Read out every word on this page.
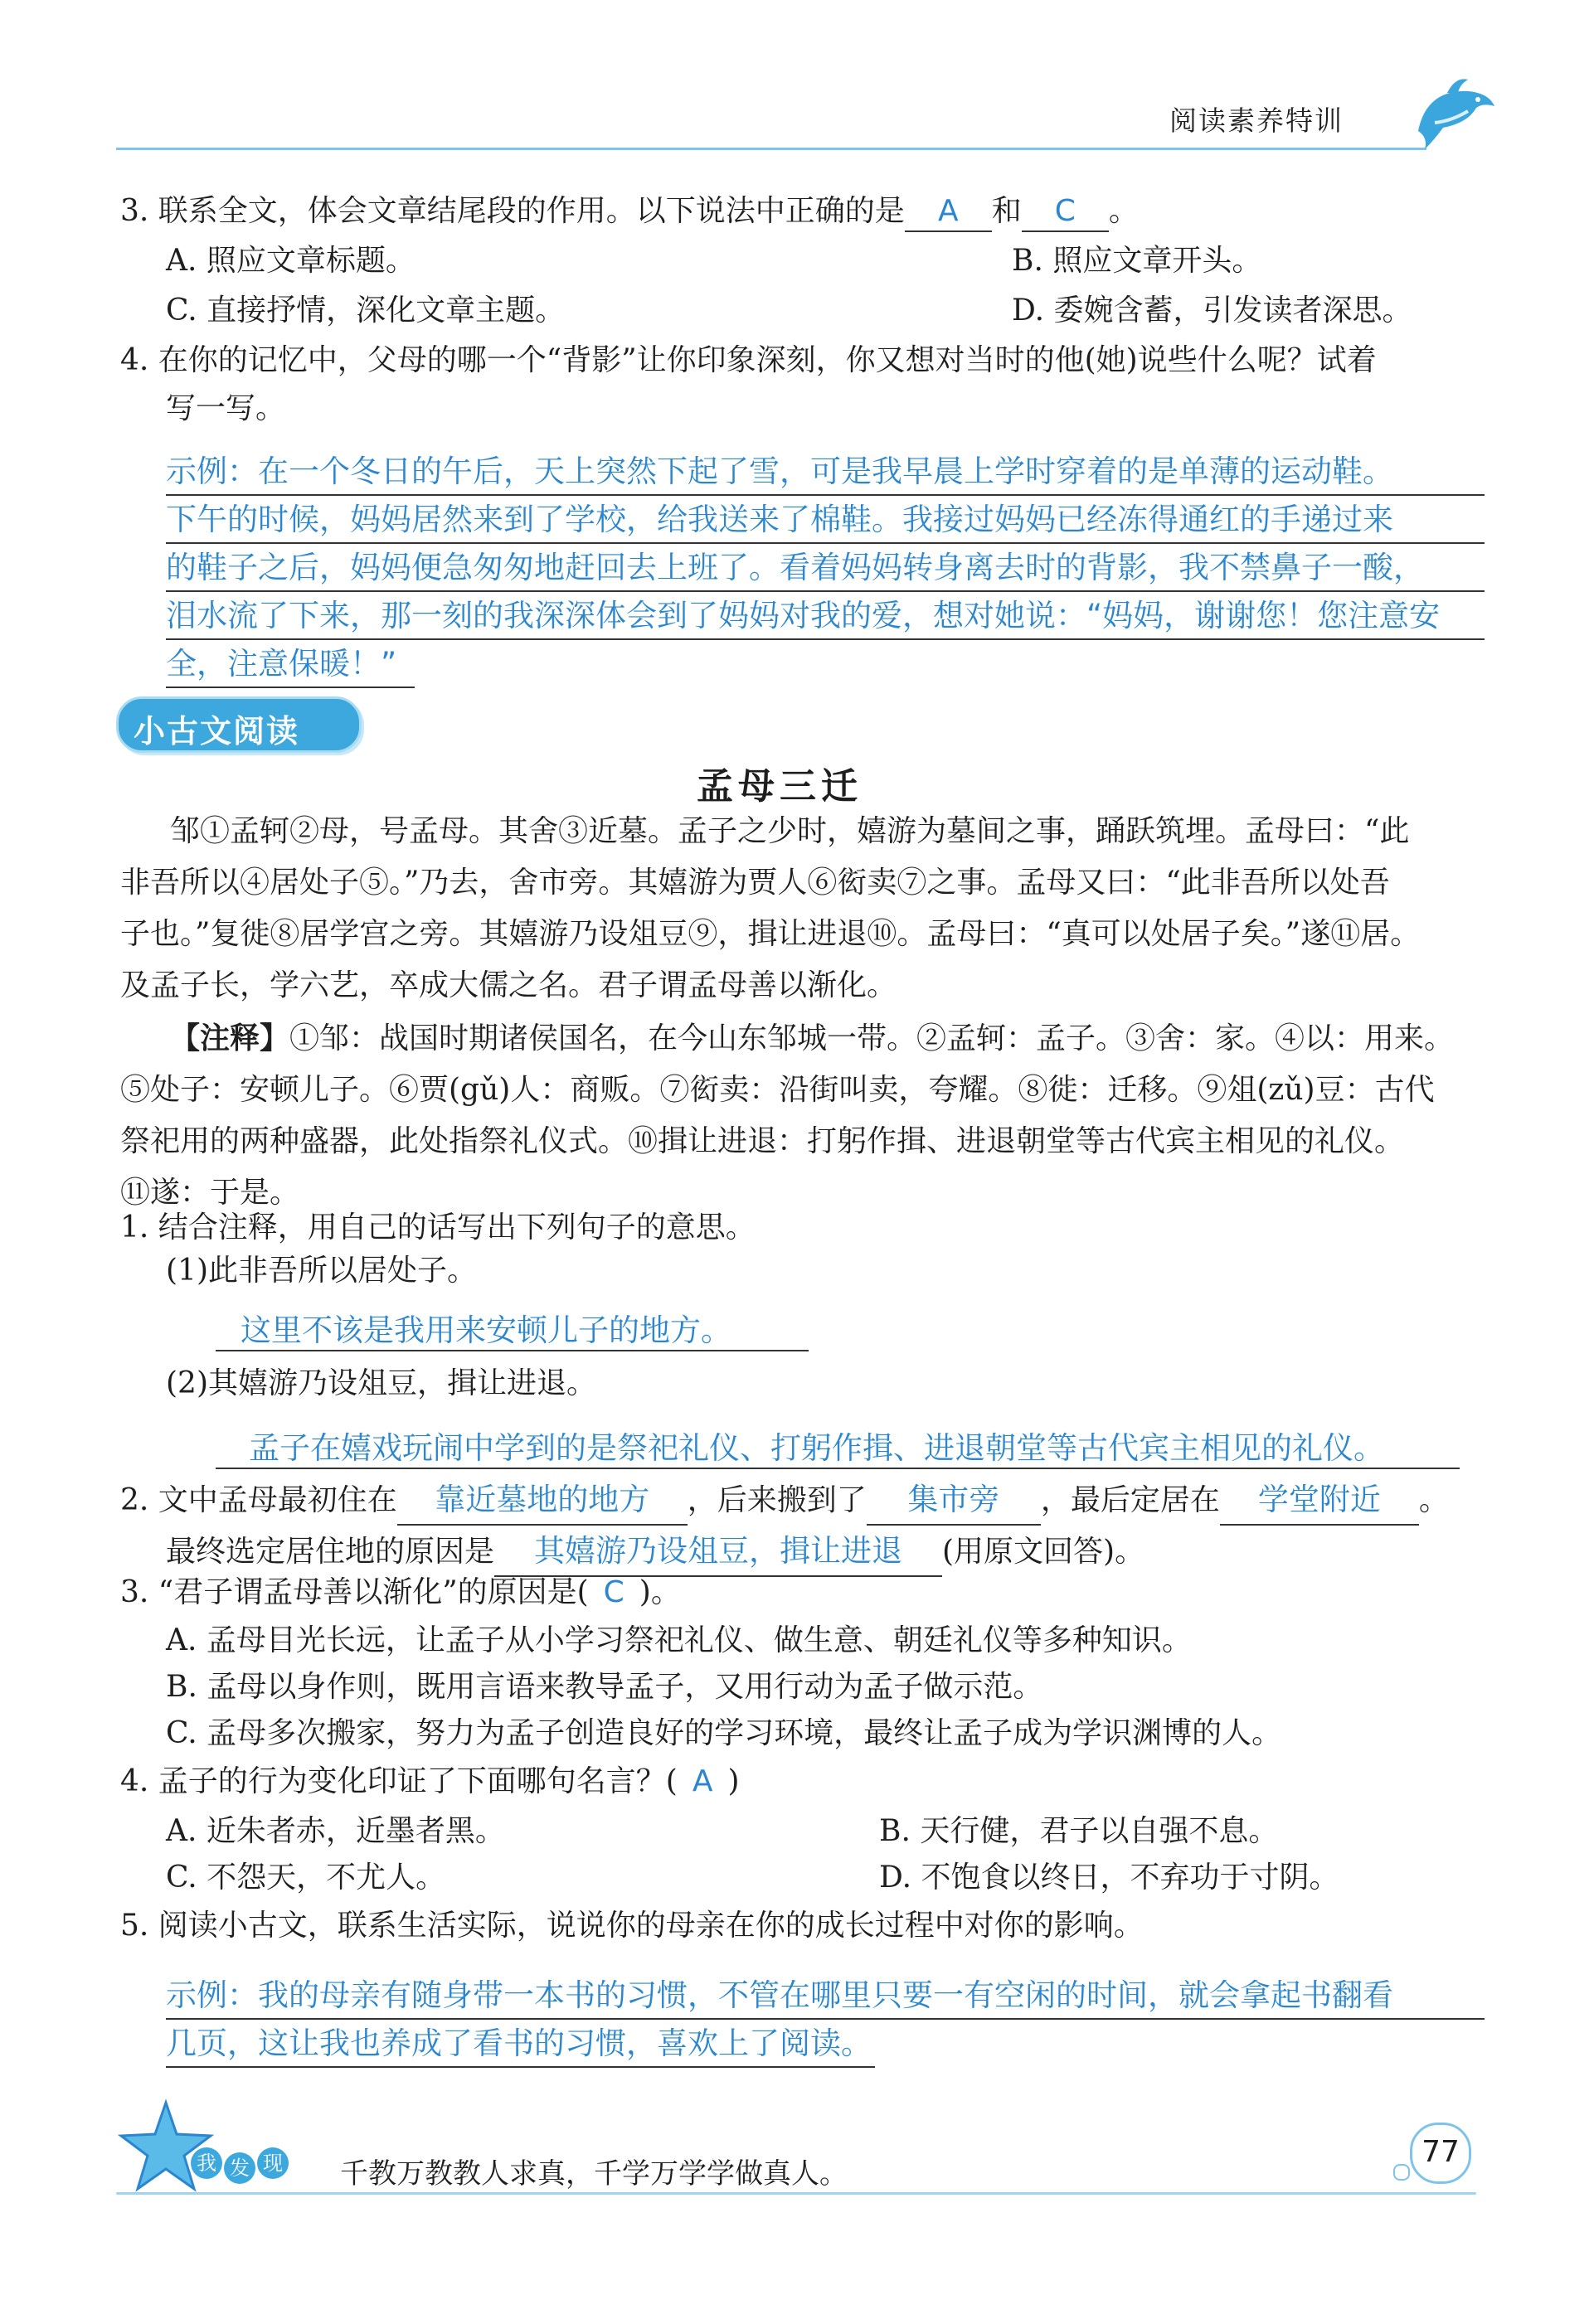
阅读素养特训
3. 联系全文，体会文章结尾段的作用。以下说法中正确的是 A 和 C 。
A. 照应文章标题。	B. 照应文章开头。
C. 直接抒情，深化文章主题。	D. 委婉含蓄，引发读者深思。
4. 在你的记忆中，父母的哪一个“背影”让你印象深刻，你又想对当时的他(她)说些什么呢？试着
写一写。
示例：在一个冬日的午后，天上突然下起了雪，可是我早晨上学时穿着的是单薄的运动鞋。
下午的时候，妈妈居然来到了学校，给我送来了棉鞋。我接过妈妈已经冻得通红的手递过来
的鞋子之后，妈妈便急匆匆地赶回去上班了。看着妈妈转身离去时的背影，我不禁鼻子一酸，
泪水流了下来，那一刻的我深深体会到了妈妈对我的爱，想对她说：“妈妈，谢谢您！您注意安
全，注意保暖！”
小古文阅读
孟母三迁
邹①孟轲②母，号孟母。其舍③近墓。孟子之少时，嬉游为墓间之事，踊跃筑埋。孟母曰：“此
非吾所以④居处子⑤。”乃去，舍市旁。其嬉游为贾人⑥衒卖⑦之事。孟母又曰：“此非吾所以处吾
子也。”复徙⑧居学宫之旁。其嬉游乃设俎豆⑨，揖让进退⑩。孟母曰：“真可以处居子矣。”遂⑪居。
及孟子长，学六艺，卒成大儒之名。君子谓孟母善以渐化。
【注释】①邹：战国时期诸侯国名，在今山东邹城一带。②孟轲：孟子。③舍：家。④以：用来。
⑤处子：安顿儿子。⑥贾(gǔ)人：商贩。⑦衒卖：沿街叫卖，夸耀。⑧徙：迁移。⑨俎(zǔ)豆：古代
祭祀用的两种盛器，此处指祭礼仪式。⑩揖让进退：打躬作揖、进退朝堂等古代宾主相见的礼仪。
⑪遂：于是。
1. 结合注释，用自己的话写出下列句子的意思。
(1)此非吾所以居处子。
这里不该是我用来安顿儿子的地方。
(2)其嬉游乃设俎豆，揖让进退。
孟子在嬉戏玩闹中学到的是祭祀礼仪、打躬作揖、进退朝堂等古代宾主相见的礼仪。
2. 文中孟母最初住在 靠近墓地的地方 ，后来搬到了 集市旁 ，最后定居在 学堂附近 。
最终选定居住地的原因是 其嬉游乃设俎豆，揖让进退 (用原文回答)。
3. “君子谓孟母善以渐化”的原因是( C )。
A. 孟母目光长远，让孟子从小学习祭祀礼仪、做生意、朝廷礼仪等多种知识。
B. 孟母以身作则，既用言语来教导孟子，又用行动为孟子做示范。
C. 孟母多次搬家，努力为孟子创造良好的学习环境，最终让孟子成为学识渊博的人。
4. 孟子的行为变化印证了下面哪句名言？( A )
A. 近朱者赤，近墨者黑。	B. 天行健，君子以自强不息。
C. 不怨天，不尤人。	D. 不饱食以终日，不弃功于寸阴。
5. 阅读小古文，联系生活实际，说说你的母亲在你的成长过程中对你的影响。
示例：我的母亲有随身带一本书的习惯，不管在哪里只要一有空闲的时间，就会拿起书翻看
几页，这让我也养成了看书的习惯，喜欢上了阅读。
我 发 现 千教万教教人求真，千学万学学做真人。
77
